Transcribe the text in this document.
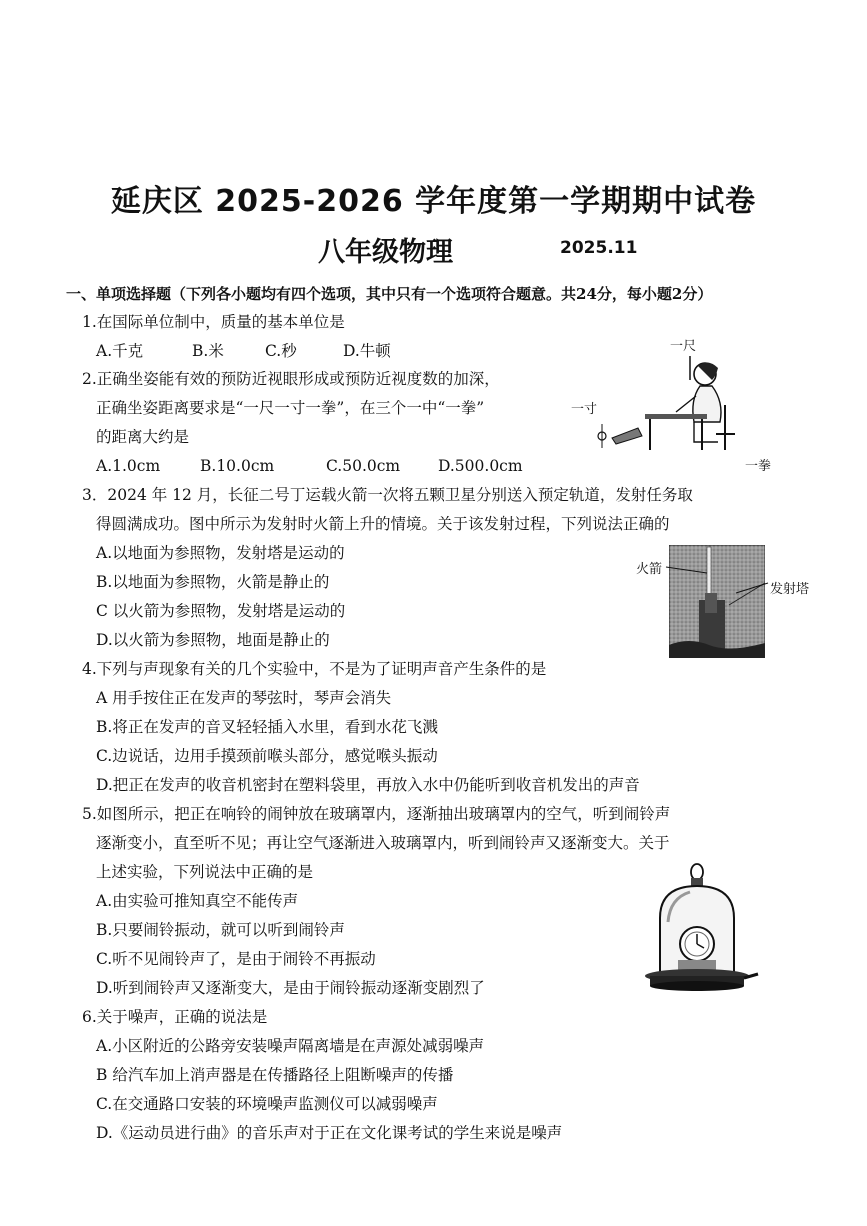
延庆区 2025-2026 学年度第一学期期中试卷
八年级物理	2025.11
一、单项选择题（下列各小题均有四个选项，其中只有一个选项符合题意。共24分，每小题2分）
1.在国际单位制中，质量的基本单位是
A.千克	B.米	C.秒	D.牛顿
2.正确坐姿能有效的预防近视眼形成或预防近视度数的加深，
正确坐姿距离要求是“一尺一寸一拳”，在三个一中“一拳”
的距离大约是
A.1.0cm	B.10.0cm	C.50.0cm D.500.0cm
一尺
一寸
一拳
3．2024 年 12 月，长征二号丁运载火箭一次将五颗卫星分别送入预定轨道，发射任务取
得圆满成功。图中所示为发射时火箭上升的情境。关于该发射过程，下列说法正确的
A.以地面为参照物，发射塔是运动的
B.以地面为参照物，火箭是静止的
C 以火箭为参照物，发射塔是运动的
D.以火箭为参照物，地面是静止的
火箭
发射塔
4.下列与声现象有关的几个实验中，不是为了证明声音产生条件的是
A 用手按住正在发声的琴弦时，琴声会消失
B.将正在发声的音叉轻轻插入水里，看到水花飞溅
C.边说话，边用手摸颈前喉头部分，感觉喉头振动
D.把正在发声的收音机密封在塑料袋里，再放入水中仍能听到收音机发出的声音
5.如图所示，把正在响铃的闹钟放在玻璃罩内，逐渐抽出玻璃罩内的空气，听到闹铃声
逐渐变小，直至听不见；再让空气逐渐进入玻璃罩内，听到闹铃声又逐渐变大。关于
上述实验，下列说法中正确的是
A.由实验可推知真空不能传声
B.只要闹铃振动，就可以听到闹铃声
C.听不见闹铃声了，是由于闹铃不再振动
D.听到闹铃声又逐渐变大，是由于闹铃振动逐渐变剧烈了
6.关于噪声，正确的说法是
A.小区附近的公路旁安装噪声隔离墙是在声源处减弱噪声
B 给汽车加上消声器是在传播路径上阻断噪声的传播
C.在交通路口安装的环境噪声监测仪可以减弱噪声
D.《运动员进行曲》的音乐声对于正在文化课考试的学生来说是噪声
